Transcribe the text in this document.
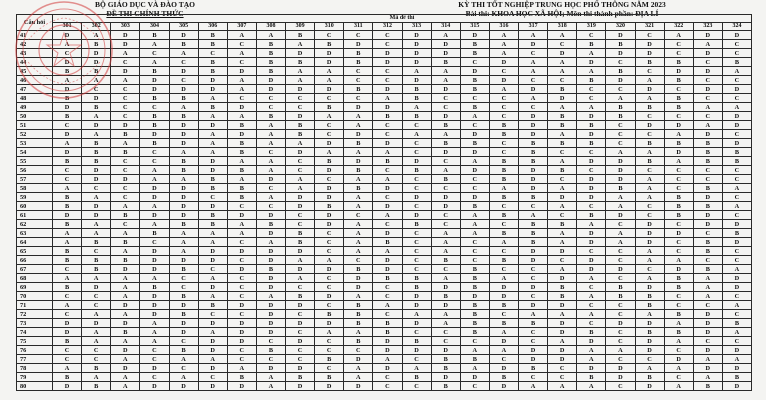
BỘ GIÁO DỤC VÀ ĐÀO TẠO
ĐỀ THI CHÍNH THỨC
KỲ THI TỐT NGHIỆP TRUNG HỌC PHỔ THÔNG NĂM 2023
Bài thi: KHOA HỌC XÃ HỘI; Môn thi thành phần: ĐỊA LÍ
Câu hỏi	Mã đề thi																							
	301	302	303	304	305	306	307	308	309	310	311	312	313	314	315	316	317	318	319	320	321	322	323	324
41	D	A	D	B	D	B	A	A	B	C	C	C	D	A	D	A	A	A	C	D	C	A	D	D
42	A	B	D	A	B	B	C	B	A	B	D	C	D	D	B	A	D	C	B	B	D	C	A	C
43	C	D	A	C	A	C	A	B	D	D	B	D	D	D	B	A	C	D	A	D	D	C	D	C
44	D	D	C	A	C	B	C	B	B	D	B	D	D	B	C	D	A	A	D	C	B	B	C	B
45	B	B	D	B	D	B	D	B	A	A	C	C	A	A	D	C	A	A	A	B	C	D	D	A
46	A	A	A	D	C	D	A	D	A	A	C	C	D	A	B	D	C	C	B	D	A	B	C	C
47	D	C	C	D	D	D	A	D	D	D	B	D	B	D	B	A	D	B	C	C	D	C	D	D
48	B	D	C	B	B	A	C	C	C	C	C	A	B	C	C	C	A	D	C	A	A	B	C	C
49	D	B	C	C	A	B	D	C	C	B	D	D	A	C	B	C	C	A	A	B	B	B	A	A
50	B	A	C	B	B	A	A	B	D	A	A	B	B	D	A	C	D	B	D	B	C	C	C	D
51	C	D	D	B	D	D	B	A	B	C	A	C	C	B	C	B	D	B	B	C	D	D	A	D
52	D	A	B	D	D	A	D	A	B	C	D	C	A	A	D	B	D	A	D	C	C	A	D	C
53	A	B	A	B	D	A	B	A	A	D	B	D	C	B	B	C	B	B	B	C	B	B	B	D
54	D	B	B	C	A	A	B	C	D	A	A	A	C	D	D	C	B	C	C	A	A	D	B	B
55	B	B	C	C	B	D	A	A	C	B	D	B	D	C	A	B	B	A	D	D	B	A	B	B
56	C	D	C	A	B	D	B	A	C	D	B	C	B	A	D	B	D	B	C	D	C	C	C	C
57	C	D	D	A	A	B	A	D	A	C	A	A	C	B	C	B	D	C	D	D	A	C	C	C
58	A	C	C	D	D	B	B	C	A	D	B	D	C	C	C	A	D	A	D	B	A	C	B	A
59	B	A	C	D	D	C	B	A	D	D	A	C	D	D	D	B	B	D	D	A	A	B	D	C
60	B	D	A	A	D	D	C	C	D	B	A	D	C	D	B	C	C	A	C	A	C	B	B	A
61	D	D	B	D	D	B	D	D	C	D	C	A	D	C	A	B	A	C	B	D	C	B	D	C
62	B	A	C	A	B	B	A	B	C	D	A	C	B	C	A	C	B	B	A	C	D	C	D	D
63	A	A	A	B	A	A	A	D	B	C	A	D	C	A	A	B	B	A	D	A	D	D	C	B
64	A	B	B	C	A	A	C	A	B	C	A	B	C	A	C	A	B	A	D	A	D	C	B	D
65	B	C	A	D	A	D	D	D	D	C	A	A	C	A	C	C	D	D	C	C	A	C	B	C
66	B	B	B	D	D	D	C	D	A	A	C	D	C	B	C	B	D	C	D	C	A	A	C	C
67	C	B	D	D	B	C	D	B	D	D	B	D	C	C	B	C	C	A	D	D	C	D	B	A
68	A	A	A	A	C	A	C	D	A	C	D	B	B	A	B	A	C	D	A	C	A	B	A	D
69	B	D	A	B	C	D	C	D	C	C	D	C	B	D	B	D	D	B	C	B	D	B	A	D
70	C	C	A	D	B	A	C	A	B	D	A	C	D	B	D	D	C	B	A	B	B	C	A	C
71	A	C	D	D	D	B	D	D	D	C	B	A	D	D	B	B	D	D	C	C	B	C	C	A
72	C	A	A	D	B	C	C	D	C	B	B	C	A	A	B	C	A	A	A	C	A	B	D	C
73	D	D	D	A	D	D	D	D	D	D	B	B	D	A	B	B	B	D	C	D	D	A	D	B
74	D	A	B	A	D	A	D	D	C	A	A	B	C	C	B	A	C	D	B	C	B	B	D	A
75	B	A	A	A	C	D	D	C	D	C	B	D	B	C	C	D	C	A	D	C	D	A	C	C
76	C	C	D	C	B	D	C	B	C	C	C	D	D	D	A	A	D	D	A	A	D	C	D	D
77	C	C	A	C	A	A	C	C	C	B	D	A	C	B	B	C	D	D	A	C	C	D	A	A
78	A	B	D	D	C	D	A	D	D	C	A	D	A	B	A	D	B	C	D	D	A	A	D	D
79	B	A	A	C	A	C	B	A	B	B	A	C	B	D	D	B	C	C	B	D	B	C	A	B
80	D	B	A	D	D	D	D	A	D	D	D	C	C	B	C	D	A	A	A	C	D	A	B	D
